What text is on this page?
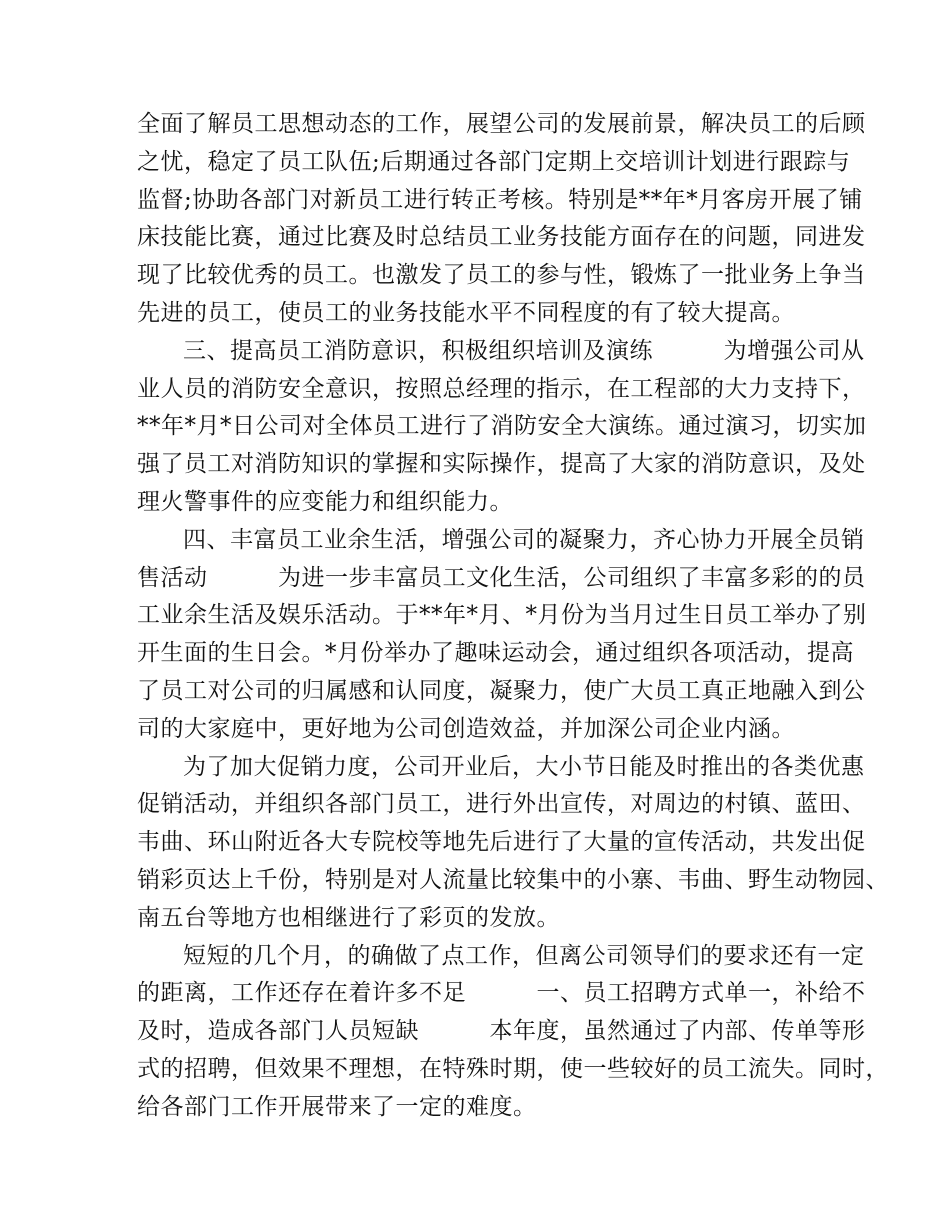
全面了解员工思想动态的工作，展望公司的发展前景，解决员工的后顾
之忧，稳定了员工队伍;后期通过各部门定期上交培训计划进行跟踪与
监督;协助各部门对新员工进行转正考核。特别是**年*月客房开展了铺
床技能比赛，通过比赛及时总结员工业务技能方面存在的问题，同进发
现了比较优秀的员工。也激发了员工的参与性，锻炼了一批业务上争当
先进的员工，使员工的业务技能水平不同程度的有了较大提高。
三、提高员工消防意识，积极组织培训及演练　　　为增强公司从
业人员的消防安全意识，按照总经理的指示，在工程部的大力支持下，
**年*月*日公司对全体员工进行了消防安全大演练。通过演习，切实加
强了员工对消防知识的掌握和实际操作，提高了大家的消防意识，及处
理火警事件的应变能力和组织能力。
四、丰富员工业余生活，增强公司的凝聚力，齐心协力开展全员销
售活动　　　为进一步丰富员工文化生活，公司组织了丰富多彩的的员
工业余生活及娱乐活动。于**年*月、*月份为当月过生日员工举办了别
开生面的生日会。*月份举办了趣味运动会，通过组织各项活动，提高
了员工对公司的归属感和认同度，凝聚力，使广大员工真正地融入到公
司的大家庭中，更好地为公司创造效益，并加深公司企业内涵。
为了加大促销力度，公司开业后，大小节日能及时推出的各类优惠
促销活动，并组织各部门员工，进行外出宣传，对周边的村镇、蓝田、
韦曲、环山附近各大专院校等地先后进行了大量的宣传活动，共发出促
销彩页达上千份，特别是对人流量比较集中的小寨、韦曲、野生动物园、
南五台等地方也相继进行了彩页的发放。
短短的几个月，的确做了点工作，但离公司领导们的要求还有一定
的距离，工作还存在着许多不足　　　一、员工招聘方式单一，补给不
及时，造成各部门人员短缺　　　本年度，虽然通过了内部、传单等形
式的招聘，但效果不理想，在特殊时期，使一些较好的员工流失。同时，
给各部门工作开展带来了一定的难度。
